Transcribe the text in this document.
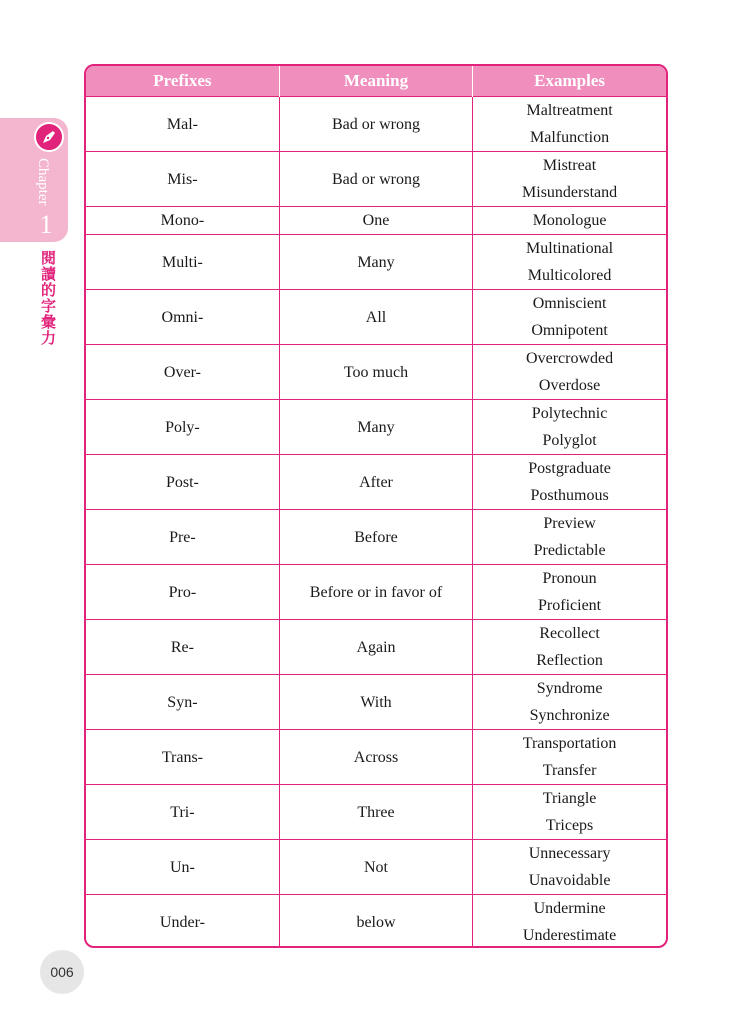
Chapter
1
閱讀的字彙力
Prefixes	Meaning	Examples
Mal-	Bad or wrong	Maltreatment
Malfunction

Mis-	Bad or wrong	Mistreat
Misunderstand

Mono-	One	Monologue

Multi-	Many	Multinational
Multicolored

Omni-	All	Omniscient
Omnipotent

Over-	Too much	Overcrowded
Overdose

Poly-	Many	Polytechnic
Polyglot

Post-	After	Postgraduate
Posthumous

Pre-	Before	Preview
Predictable

Pro-	Before or in favor of	Pronoun
Proficient

Re-	Again	Recollect
Reflection

Syn-	With	Syndrome
Synchronize

Trans-	Across	Transportation
Transfer

Tri-	Three	Triangle
Triceps

Un-	Not	Unnecessary
Unavoidable

Under-	below	Undermine
Underestimate
006
